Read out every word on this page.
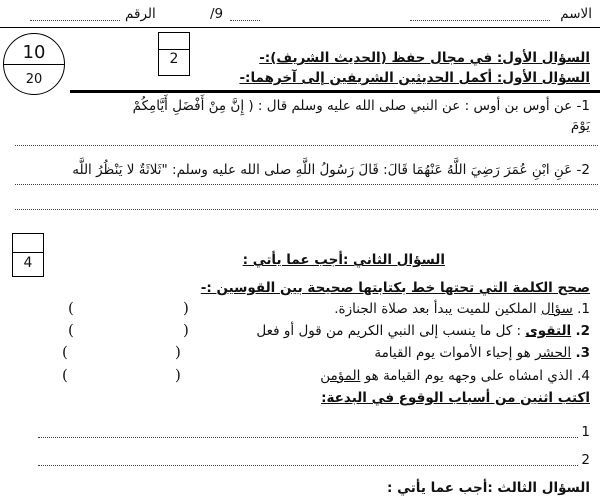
الاسم
/9
الرقم
10
20
2	السؤال الأول: في مجال حفظ (الحديث الشريف):-
السؤال الأول: أكمل الحديثين الشريفين إلى آخرهما:-
1- عن أوس بن أوس : عن النبي صلى الله عليه وسلم قال : ( إِنَّ مِنْ أَفْضَلِ أَيَّامِكُمْ
يَوْمَ
2- عَنِ ابْنِ عُمَرَ رَضِيَ اللَّهُ عَنْهُمَا قَالَ: قَالَ رَسُولُ اللَّهِ صلى الله عليه وسلم: "ثَلاثَةٌ لا يَنْظُرُ اللَّه
4	السؤال الثاني :أجب عما يأتي :
صحح الكلمة التي تحتها خط بكتابتها صحيحة بين القوسين :-
1. سؤال الملكين للميت يبدأ بعد صلاة الجنازة.
2. التقوى : كل ما ينسب إلى النبي الكريم من قول أو فعل
3. الحشر هو إحياء الأموات يوم القيامة
4. الذي امشاه على وجهه يوم القيامة هو المؤمن
)
(
)
(
)
(
)
(
اكتب اثنين من أسباب الوقوع في البدعة:
1
2
السؤال الثالث :أجب عما يأتي :
